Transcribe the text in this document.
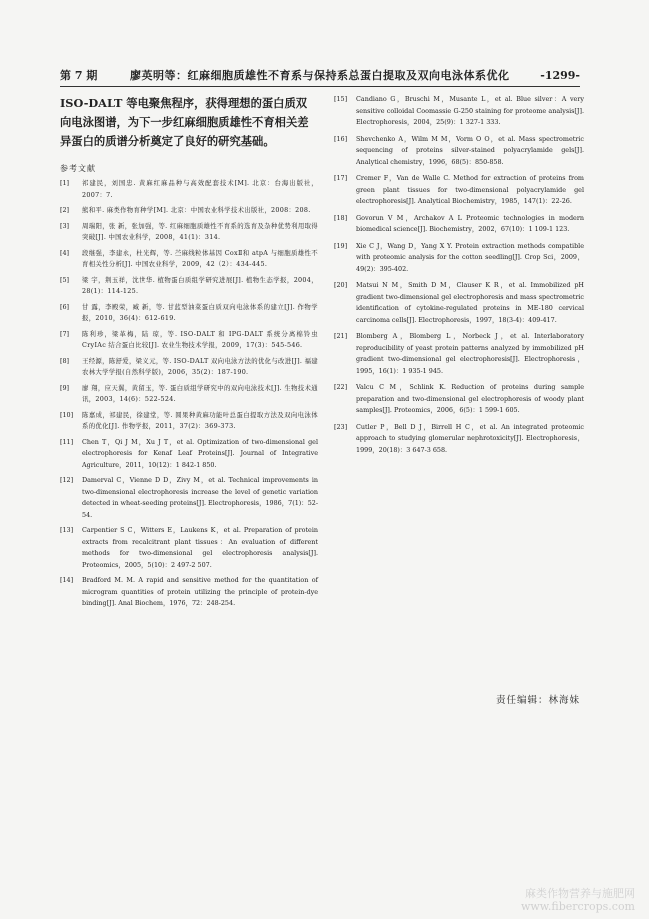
第 7 期	廖英明等：红麻细胞质雄性不育系与保持系总蛋白提取及双向电泳体系优化	-1299-

ISO-DALT 等电聚焦程序，获得理想的蛋白质双向电泳图谱，为下一步红麻细胞质雄性不育相关差异蛋白的质谱分析奠定了良好的研究基础。

参考文献
[1]	祁建民，刘国忠. 黄麻红麻品种与高效配套技术[M]. 北京：台海出版社，2007：7.
[2]	熊和平. 麻类作物育种学[M]. 北京：中国农业科学技术出版社，2008：208.
[3]	周瑞阳，张 新，张加强，等. 红麻细胞质雄性不育系的选育及杂种优势利用取得突破[J]. 中国农业科学，2008，41(1)：314.
[4]	段继强，李建永，杜光辉，等. 苎麻线粒体基因 CoxⅡ和 atpA 与细胞质雄性不育相关性分析[J]. 中国农业科学，2009，42（2）：434-445.
[5]	梁 宇，荆玉祥，沈世华. 植物蛋白质组学研究进展[J]. 植物生态学报，2004，28(1)：114-125.
[6]	甘 露，李殿荣，臧 新，等. 甘蓝型油菜蛋白质双向电泳体系的建立[J]. 作物学报，2010，36(4)：612-619.
[7]	陈利珍，梁革梅，陆 琼，等. ISO-DALT 和 IPG-DALT 系统分离棉铃虫 CryIAc 结合蛋白比较[J]. 农业生物技术学报，2009，17(3)：545-546.
[8]	王经源，陈舒爱，梁义元，等. ISO-DALT 双向电泳方法的优化与改进[J]. 福建农林大学学报(自然科学版)，2006，35(2)：187-190.
[9]	廖 翔，应天翼，黄留玉，等. 蛋白质组学研究中的双向电泳技术[J]. 生物技术通讯，2003，14(6)：522-524.
[10]	陈嘉成，祁建民，徐建堂，等. 圆果种黄麻功能叶总蛋白提取方法及双向电泳体系的优化[J]. 作物学报，2011，37(2)：369-373.
[11]	Chen T，Qi J M，Xu J T，et al. Optimization of two-dimensional gel electrophoresis for Kenaf Leaf Proteins[J]. Journal of Integrative Agriculture，2011，10(12)：1 842-1 850.
[12]	Damerval C，Vienne D D，Zivy M，et al. Technical improvements in two-dimensional electrophoresis increase the level of genetic variation detected in wheat-seeding proteins[J]. Electrophoresis，1986，7(1)：52-54.
[13]	Carpentier S C，Witters E，Laukens K，et al. Preparation of protein extracts from recalcitrant plant tissues：An evaluation of different methods for two-dimensional gel electrophoresis analysis[J]. Proteomics，2005，5(10)：2 497-2 507.
[14]	Bradford M. M. A rapid and sensitive method for the quantitation of microgram quantities of protein utilizing the principle of protein-dye binding[J]. Anal Biochem，1976，72：248-254.
[15]	Candiano G，Bruschi M，Musante L，et al. Blue silver：A very sensitive colloidal Coomassie G-250 staining for proteome analysis[J]. Electrophoresis，2004，25(9)：1 327-1 333.
[16]	Shevchenko A，Wilm M M，Vorm O O，et al. Mass spectrometric sequencing of proteins silver-stained polyacrylamide gels[J]. Analytical chemistry，1996，68(5)：850-858.
[17]	Cremer F，Van de Walle C. Method for extraction of proteins from green plant tissues for two-dimensional polyacrylamide gel electrophoresis[J]. Analytical Biochemistry，1985，147(1)：22-26.
[18]	Govorun V M，Archakov A L Proteomic technologies in modern biomedical science[J]. Biochemistry，2002，67(10)：1 109-1 123.
[19]	Xie C J，Wang D，Yang X Y. Protein extraction methods compatible with proteomic analysis for the cotton seedling[J]. Crop Sci，2009，49(2)：395-402.
[20]	Matsui N M，Smith D M，Clauser K R，et al. Immobilized pH gradient two-dimensional gel electrophoresis and mass spectrometric identification of cytokine-regulated proteins in ME-180 cervical carcinoma cells[J]. Electrophoresis，1997，18(3-4)：409-417.
[21]	Blomberg A，Blomberg L，Norbeck J，et al. Interlaboratory reproducibility of yeast protein patterns analyzed by immobilized pH gradient two-dimensional gel electrophoresis[J]. Electrophoresis，1995，16(1)：1 935-1 945.
[22]	Valcu C M，Schlink K. Reduction of proteins during sample preparation and two-dimensional gel electrophoresis of woody plant samples[J]. Proteomics，2006，6(5)：1 599-1 605.
[23]	Cutler P，Bell D J，Birrell H C，et al. An integrated proteomic approach to studying glomerular nephrotoxicity[J]. Electrophoresis，1999，20(18)：3 647-3 658.
责任编辑：林海妹
麻类作物营养与施肥网
www.fibercrops.com
